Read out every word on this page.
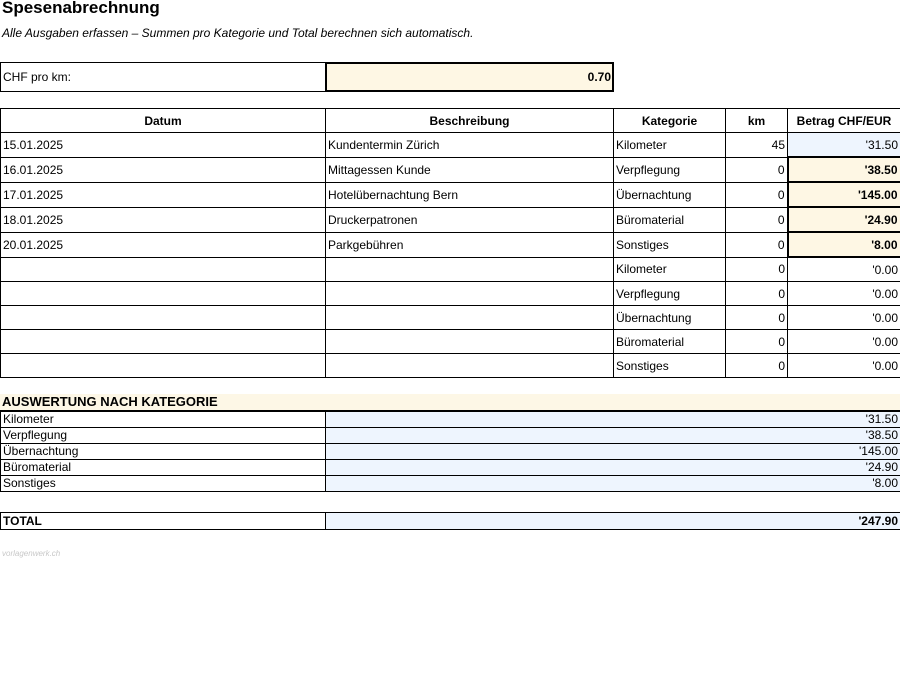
Spesenabrechnung
Alle Ausgaben erfassen – Summen pro Kategorie und Total berechnen sich automatisch.
CHF pro km:	0.70
Datum	Beschreibung	Kategorie	km	Betrag CHF/EUR
15.01.2025	Kundentermin Zürich	Kilometer	45	'31.50
16.01.2025	Mittagessen Kunde	Verpflegung	0	'38.50
17.01.2025	Hotelübernachtung Bern	Übernachtung	0	'145.00
18.01.2025	Druckerpatronen	Büromaterial	0	'24.90
20.01.2025	Parkgebühren	Sonstiges	0	'8.00
		Kilometer	0	'0.00
		Verpflegung	0	'0.00
		Übernachtung	0	'0.00
		Büromaterial	0	'0.00
		Sonstiges	0	'0.00
AUSWERTUNG NACH KATEGORIE
Kilometer	'31.50
Verpflegung	'38.50
Übernachtung	'145.00
Büromaterial	'24.90
Sonstiges	'8.00
TOTAL	'247.90
vorlagenwerk.ch
